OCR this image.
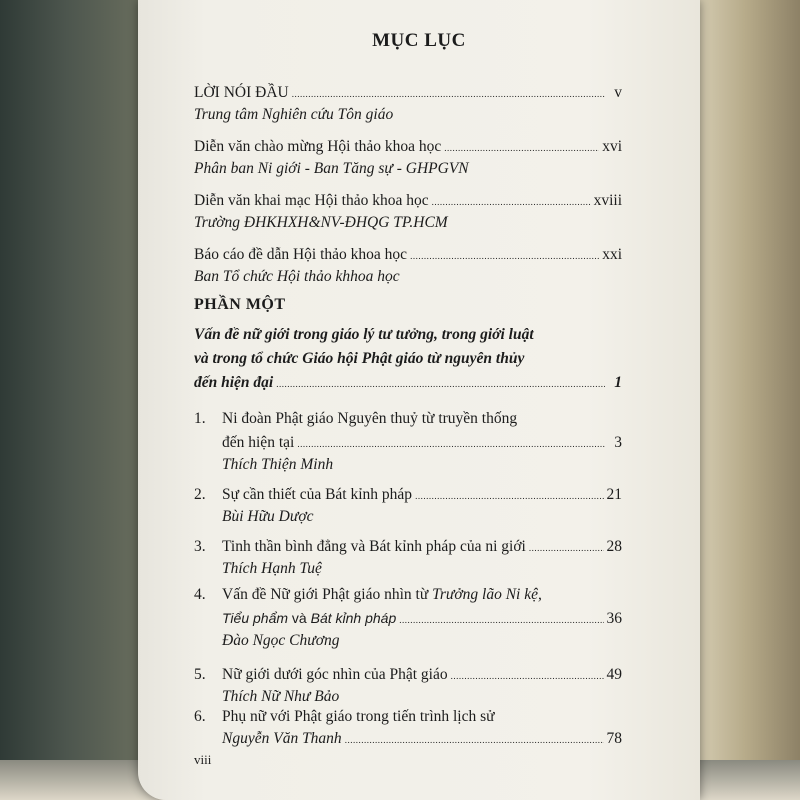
MỤC LỤC
LỜI NÓI ĐẦU .....	v
Trung tâm Nghiên cứu Tôn giáo
Diễn văn chào mừng Hội thảo khoa học .....	xvi
Phân ban Ni giới - Ban Tăng sự - GHPGVN
Diễn văn khai mạc Hội thảo khoa học .....	xviii
Trường ĐHKHXH&NV-ĐHQG TP.HCM
Báo cáo đề dẫn Hội thảo khoa học .....	xxi
Ban Tổ chức Hội thảo khhoa học
PHẦN MỘT
Vấn đề nữ giới trong giáo lý tư tưởng, trong giới luật
và trong tổ chức Giáo hội Phật giáo từ nguyên thủy
đến hiện đại .....	1
1. Ni đoàn Phật giáo Nguyên thuỷ từ truyền thống
đến hiện tại .....	3
Thích Thiện Minh
2. Sự cần thiết của Bát kỉnh pháp .....	21
Bùi Hữu Dược
3. Tinh thần bình đẳng và Bát kỉnh pháp của ni giới .....	28
Thích Hạnh Tuệ
4. Vấn đề Nữ giới Phật giáo nhìn từ Trưởng lão Ni kệ,
Tiểu phẩm và Bát kỉnh pháp .....	36
Đào Ngọc Chương
5. Nữ giới dưới góc nhìn của Phật giáo .....	49
Thích Nữ Như Bảo
6. Phụ nữ với Phật giáo trong tiến trình lịch sử
Nguyễn Văn Thanh .....	78
viii
